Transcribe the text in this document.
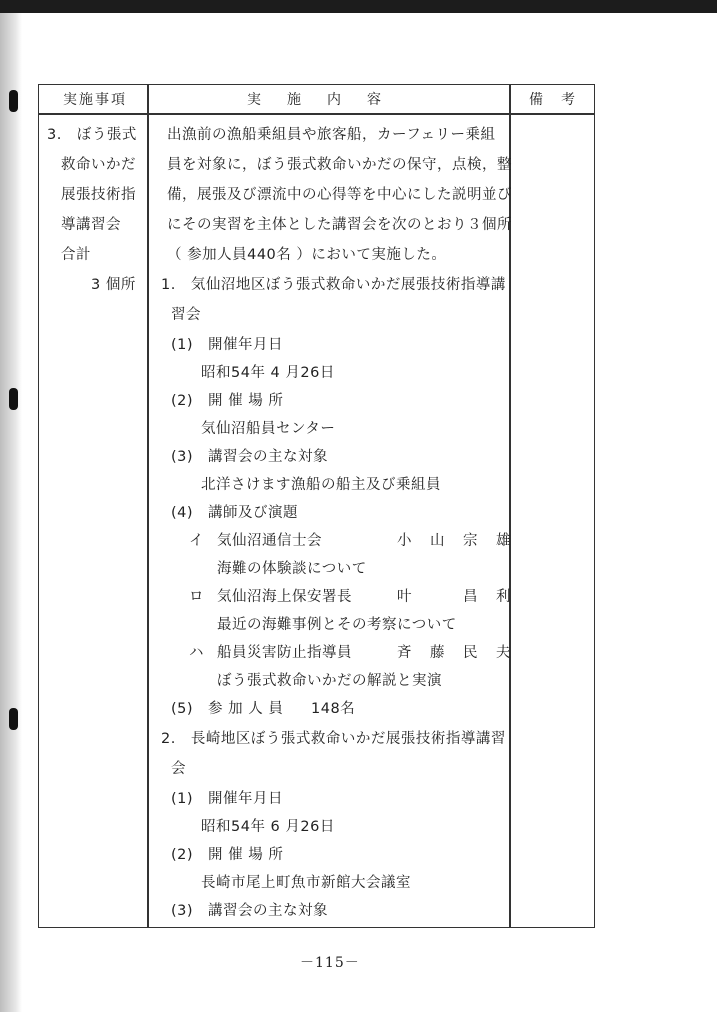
実施事項	実　施　内　容	備　考
3.　ぼう張式
救命いかだ
展張技術指
導講習会
合計
3 個所
出漁前の漁船乗組員や旅客船，カーフェリー乗組
員を対象に，ぼう張式救命いかだの保守，点検，整
備，展張及び漂流中の心得等を中心にした説明並び
にその実習を主体とした講習会を次のとおり３個所
（ 参加人員440名 ）において実施した。
1.　気仙沼地区ぼう張式救命いかだ展張技術指導講
習会
(1)　開催年月日
昭和54年 4 月26日
(2)　開 催 場 所
気仙沼船員センター
(3)　講習会の主な対象
北洋さけます漁船の船主及び乗組員
(4)　講師及び演題
イ 気仙沼通信士会	小　山　宗　雄
海難の体験談について
ロ 気仙沼海上保安署長	叶　　　昌　利
最近の海難事例とその考察について
ハ 船員災害防止指導員	斉　藤　民　夫
ぼう張式救命いかだの解説と実演
(5)　参 加 人 員 148名
2.　長崎地区ぼう張式救命いかだ展張技術指導講習
会
(1)　開催年月日
昭和54年 6 月26日
(2)　開 催 場 所
長崎市尾上町魚市新館大会議室
(3)　講習会の主な対象
－115－
